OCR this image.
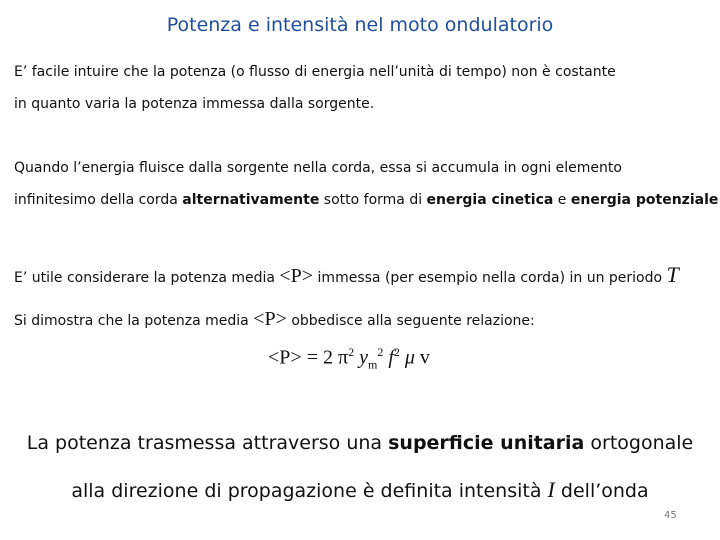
Potenza e intensità nel moto ondulatorio
E’ facile intuire che la potenza (o flusso di energia nell’unità di tempo) non è costante
in quanto varia la potenza immessa dalla sorgente.
Quando l’energia fluisce dalla sorgente nella corda, essa si accumula in ogni elemento
infinitesimo della corda alternativamente sotto forma di energia cinetica e energia potenziale
E’ utile considerare la potenza media <P> immessa (per esempio nella corda) in un periodo T
Si dimostra che la potenza media <P> obbedisce alla seguente relazione:
<P> = 2 $\pi^2$ $y_m^2$ $f^2$ μ v
La potenza trasmessa attraverso una superficie unitaria ortogonale
alla direzione di propagazione è definita intensità I dell’onda
45
